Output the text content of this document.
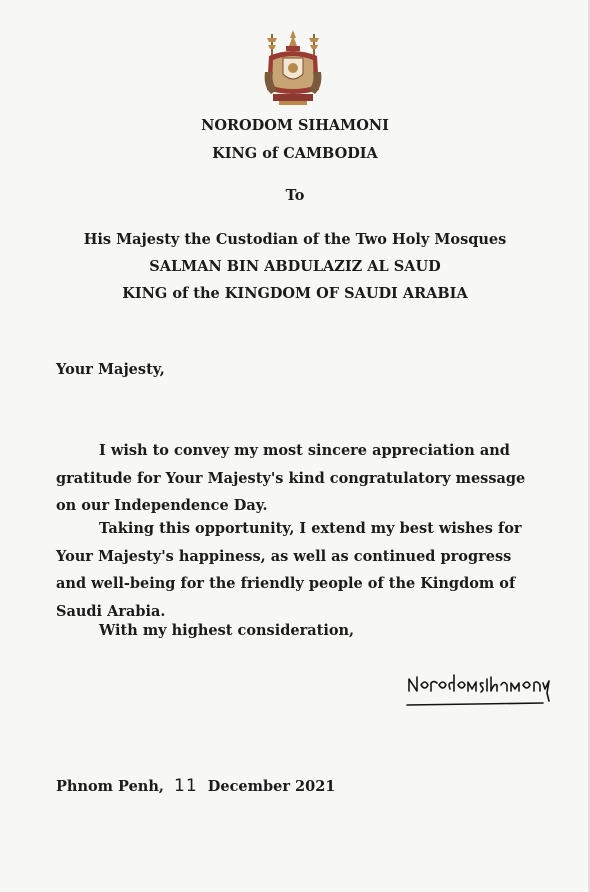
NORODOM SIHAMONI
KING of CAMBODIA
To
His Majesty the Custodian of the Two Holy Mosques
SALMAN BIN ABDULAZIZ AL SAUD
KING of the KINGDOM OF SAUDI ARABIA
Your Majesty,
I wish to convey my most sincere appreciation and gratitude for Your Majesty's kind congratulatory message on our Independence Day.
Taking this opportunity, I extend my best wishes for Your Majesty's happiness, as well as continued progress and well-being for the friendly people of the Kingdom of Saudi Arabia.
With my highest consideration,
Phnom Penh, 11 December 2021
